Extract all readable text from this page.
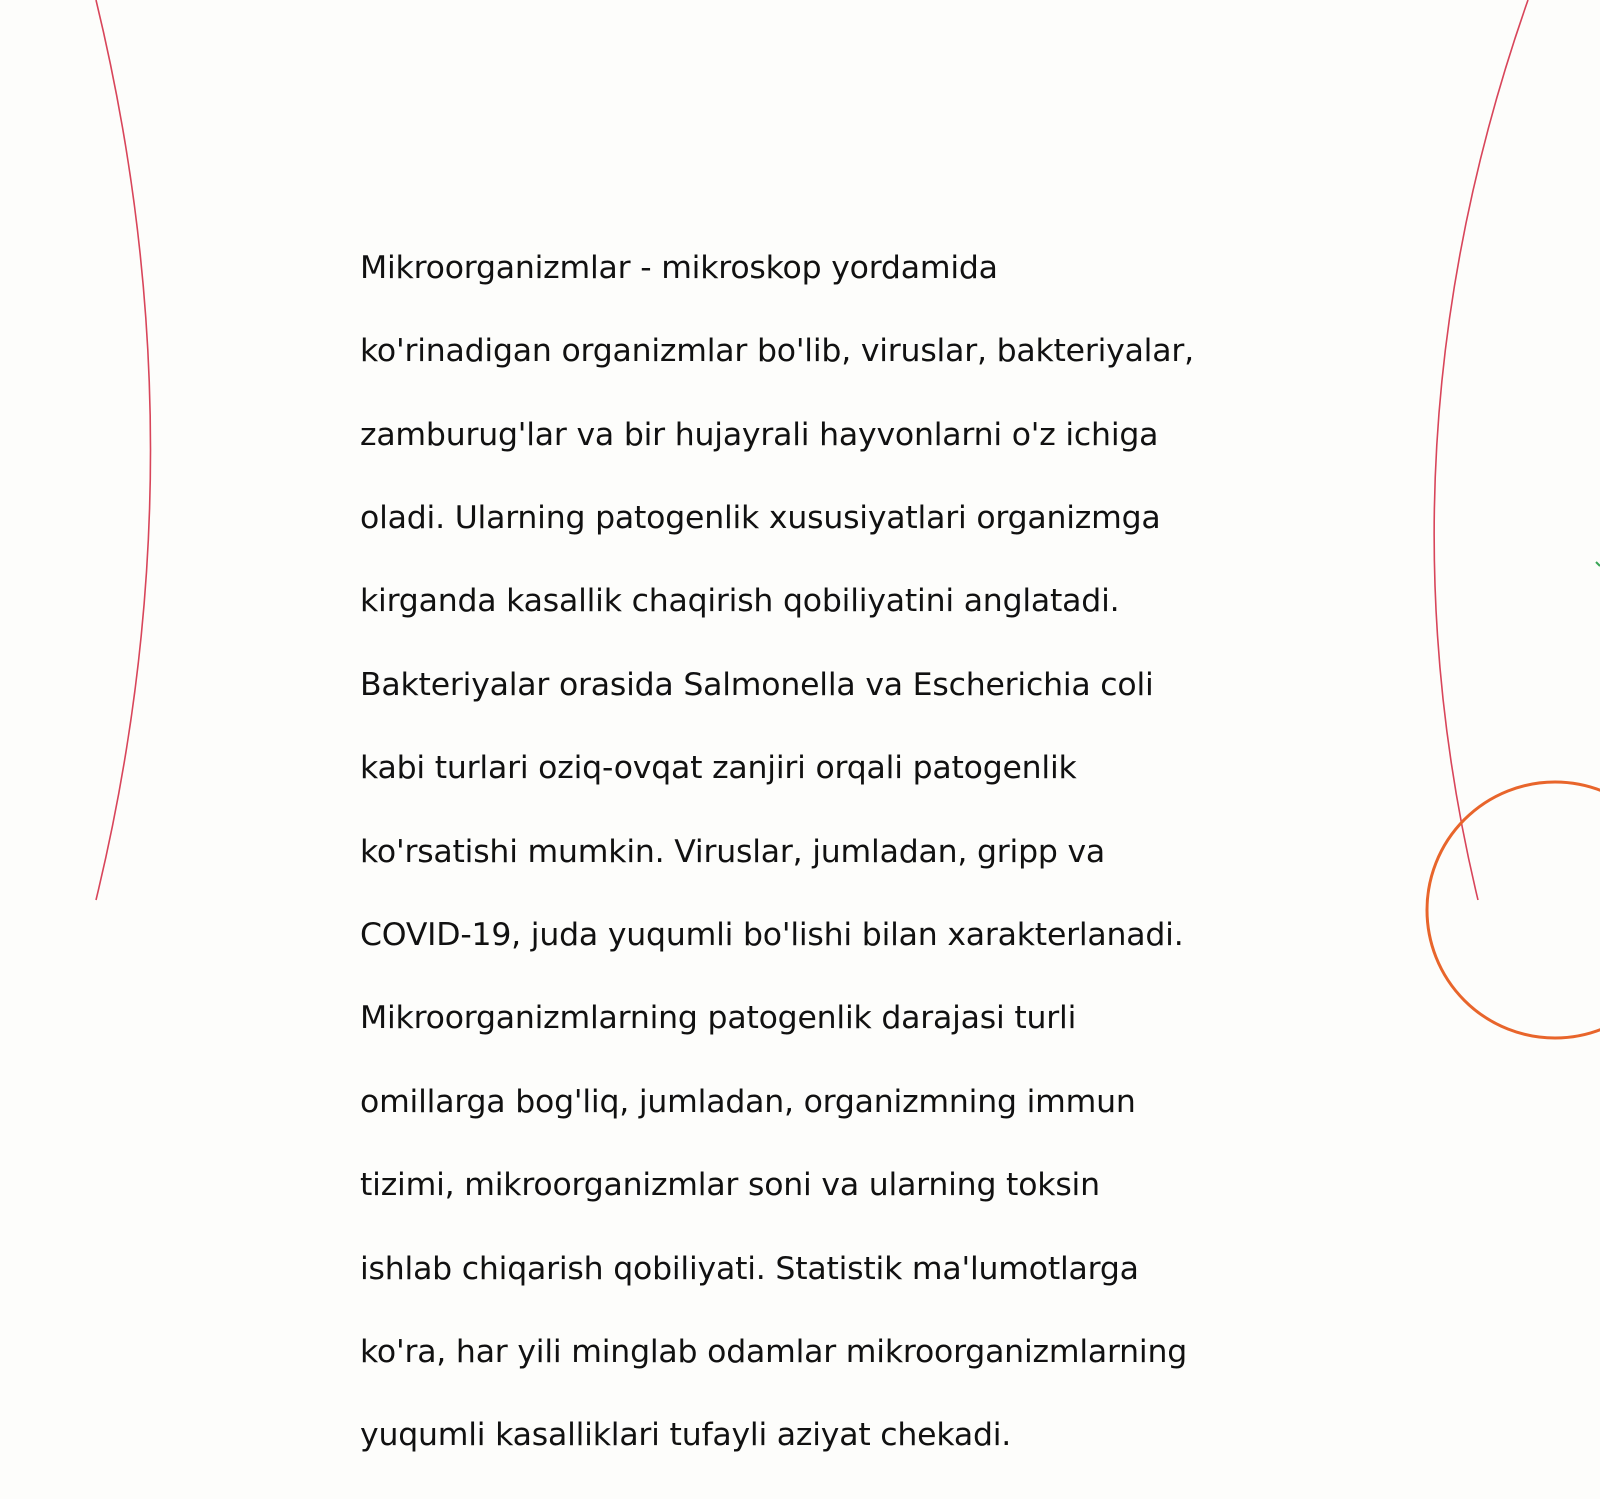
Mikroorganizmlar - mikroskop yordamida

ko'rinadigan organizmlar bo'lib, viruslar, bakteriyalar,

zamburug'lar va bir hujayrali hayvonlarni o'z ichiga

oladi. Ularning patogenlik xususiyatlari organizmga

kirganda kasallik chaqirish qobiliyatini anglatadi.

Bakteriyalar orasida Salmonella va Escherichia coli

kabi turlari oziq-ovqat zanjiri orqali patogenlik

ko'rsatishi mumkin. Viruslar, jumladan, gripp va

COVID-19, juda yuqumli bo'lishi bilan xarakterlanadi.

Mikroorganizmlarning patogenlik darajasi turli

omillarga bog'liq, jumladan, organizmning immun

tizimi, mikroorganizmlar soni va ularning toksin

ishlab chiqarish qobiliyati. Statistik ma'lumotlarga

ko'ra, har yili minglab odamlar mikroorganizmlarning

yuqumli kasalliklari tufayli aziyat chekadi.
